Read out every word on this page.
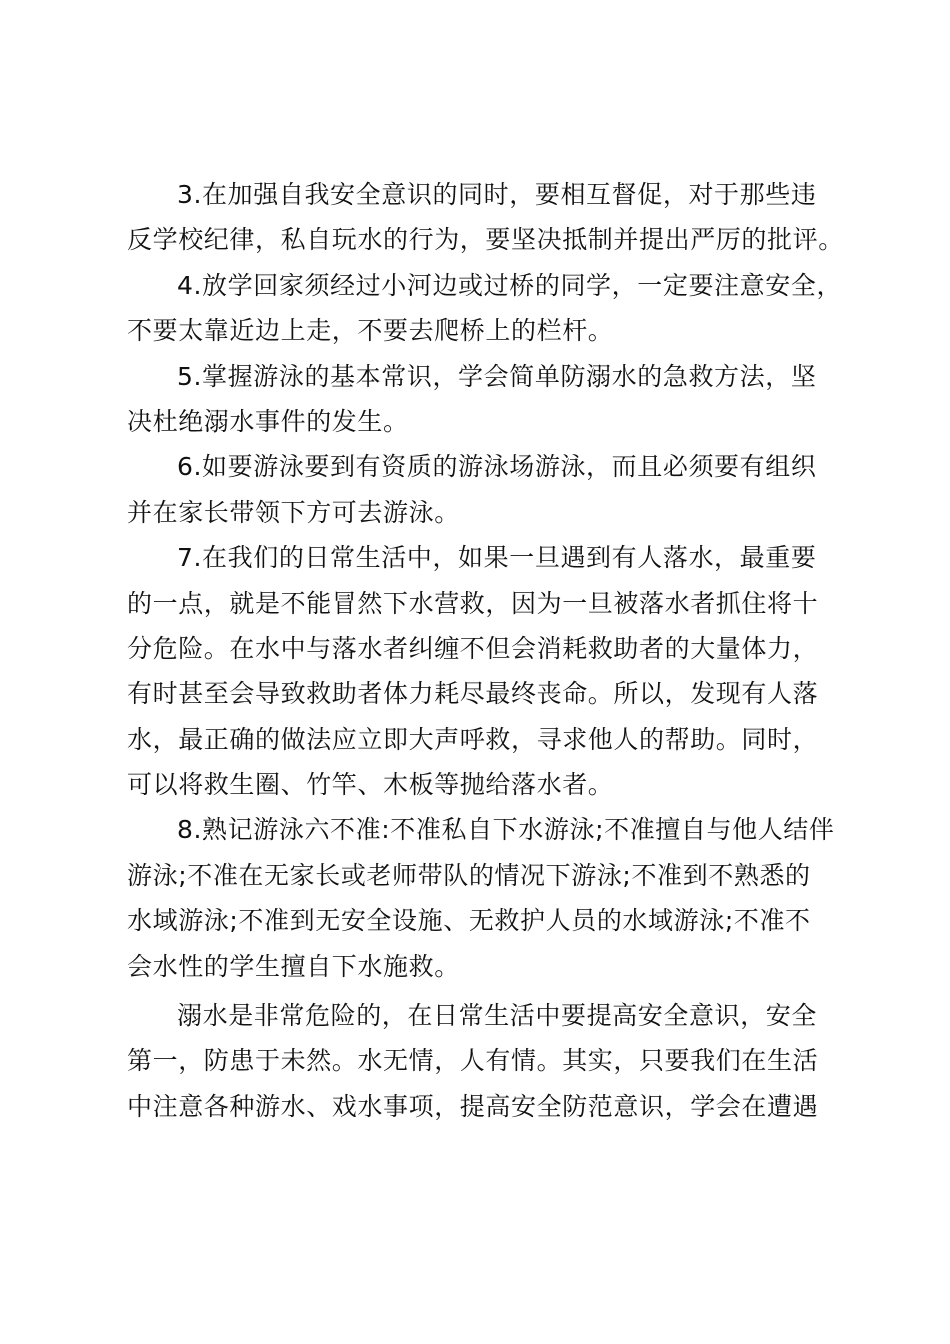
3.在加强自我安全意识的同时，要相互督促，对于那些违
反学校纪律，私自玩水的行为，要坚决抵制并提出严厉的批评。

4.放学回家须经过小河边或过桥的同学，一定要注意安全，
不要太靠近边上走，不要去爬桥上的栏杆。

5.掌握游泳的基本常识，学会简单防溺水的急救方法，坚
决杜绝溺水事件的发生。

6.如要游泳要到有资质的游泳场游泳，而且必须要有组织
并在家长带领下方可去游泳。

7.在我们的日常生活中，如果一旦遇到有人落水，最重要
的一点，就是不能冒然下水营救，因为一旦被落水者抓住将十
分危险。在水中与落水者纠缠不但会消耗救助者的大量体力，
有时甚至会导致救助者体力耗尽最终丧命。所以，发现有人落
水，最正确的做法应立即大声呼救，寻求他人的帮助。同时，
可以将救生圈、竹竿、木板等抛给落水者。

8.熟记游泳六不准:不准私自下水游泳;不准擅自与他人结伴
游泳;不准在无家长或老师带队的情况下游泳;不准到不熟悉的
水域游泳;不准到无安全设施、无救护人员的水域游泳;不准不
会水性的学生擅自下水施救。

溺水是非常危险的，在日常生活中要提高安全意识，安全
第一，防患于未然。水无情，人有情。其实，只要我们在生活
中注意各种游水、戏水事项，提高安全防范意识，学会在遭遇
